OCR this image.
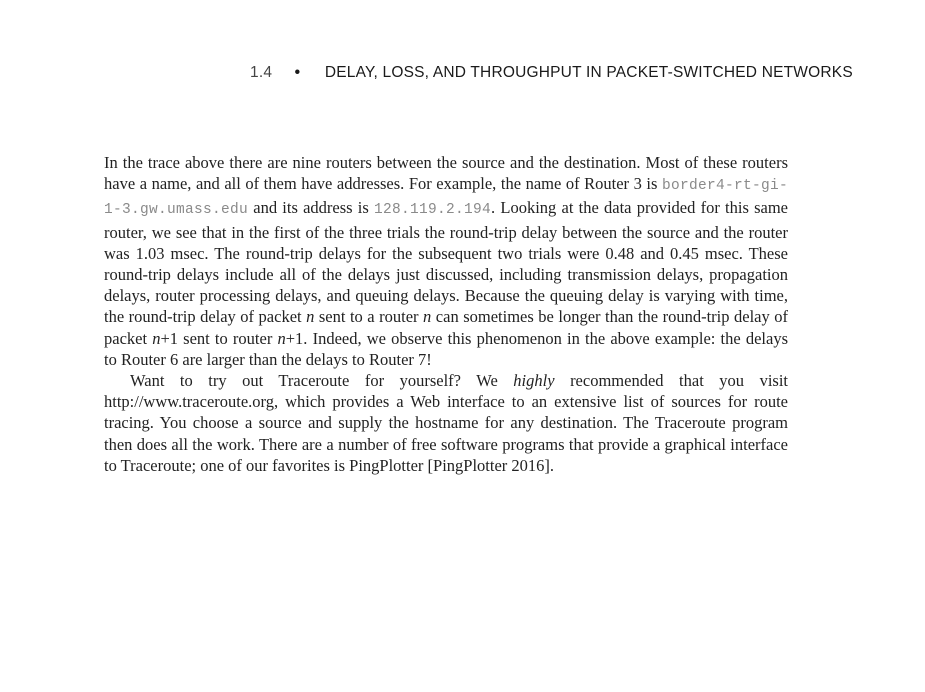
1.4 • DELAY, LOSS, AND THROUGHPUT IN PACKET-SWITCHED NETWORKS

In the trace above there are nine routers between the source and the destination. Most of these routers have a name, and all of them have addresses. For example, the name of Router 3 is border4-rt-gi-1-3.gw.umass.edu and its address is 128.119.2.194. Looking at the data provided for this same router, we see that in the first of the three trials the round-trip delay between the source and the router was 1.03 msec. The round-trip delays for the subsequent two trials were 0.48 and 0.45 msec. These round-trip delays include all of the delays just discussed, including transmission delays, propagation delays, router processing delays, and queuing delays. Because the queuing delay is varying with time, the round-trip delay of packet n sent to a router n can sometimes be longer than the round-trip delay of packet n+1 sent to router n+1. Indeed, we observe this phenomenon in the above example: the delays to Router 6 are larger than the delays to Router 7!

Want to try out Traceroute for yourself? We highly recommended that you visit http://www.traceroute.org, which provides a Web interface to an extensive list of sources for route tracing. You choose a source and supply the hostname for any destination. The Traceroute program then does all the work. There are a number of free software programs that provide a graphical interface to Traceroute; one of our favorites is PingPlotter [PingPlotter 2016].
